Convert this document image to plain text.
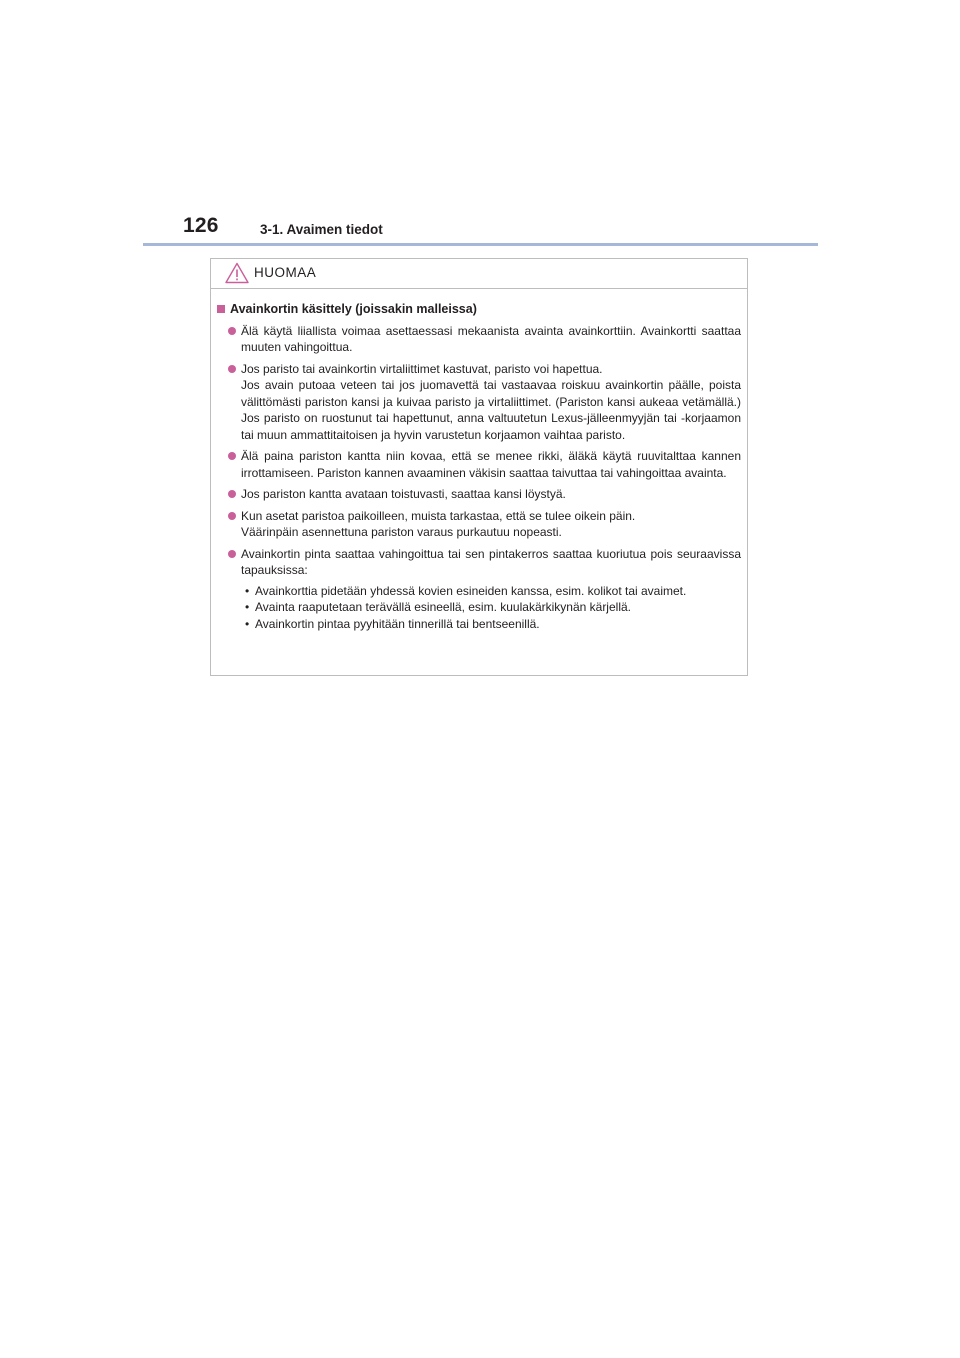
126	3-1. Avaimen tiedot
HUOMAA
Avainkortin käsittely (joissakin malleissa)
Älä käytä liiallista voimaa asettaessasi mekaanista avainta avainkorttiin. Avainkortti saattaa muuten vahingoittua.
Jos paristo tai avainkortin virtaliittimet kastuvat, paristo voi hapettua.
Jos avain putoaa veteen tai jos juomavettä tai vastaavaa roiskuu avainkortin päälle, poista välittömästi pariston kansi ja kuivaa paristo ja virtaliittimet. (Pariston kansi aukeaa vetämällä.) Jos paristo on ruostunut tai hapettunut, anna valtuutetun Lexus-jälleenmyyjän tai -korjaamon tai muun ammattitaitoisen ja hyvin varustetun korjaamon vaihtaa paristo.
Älä paina pariston kantta niin kovaa, että se menee rikki, äläkä käytä ruuvitalttaa kannen irrottamiseen. Pariston kannen avaaminen väkisin saattaa taivuttaa tai vahingoittaa avainta.
Jos pariston kantta avataan toistuvasti, saattaa kansi löystyä.
Kun asetat paristoa paikoilleen, muista tarkastaa, että se tulee oikein päin.
Väärinpäin asennettuna pariston varaus purkautuu nopeasti.
Avainkortin pinta saattaa vahingoittua tai sen pintakerros saattaa kuoriutua pois seuraavissa tapauksissa:
• Avainkorttia pidetään yhdessä kovien esineiden kanssa, esim. kolikot tai avaimet.
• Avainta raaputetaan terävällä esineellä, esim. kuulakärkikynän kärjellä.
• Avainkortin pintaa pyyhitään tinnerillä tai bentseenillä.
